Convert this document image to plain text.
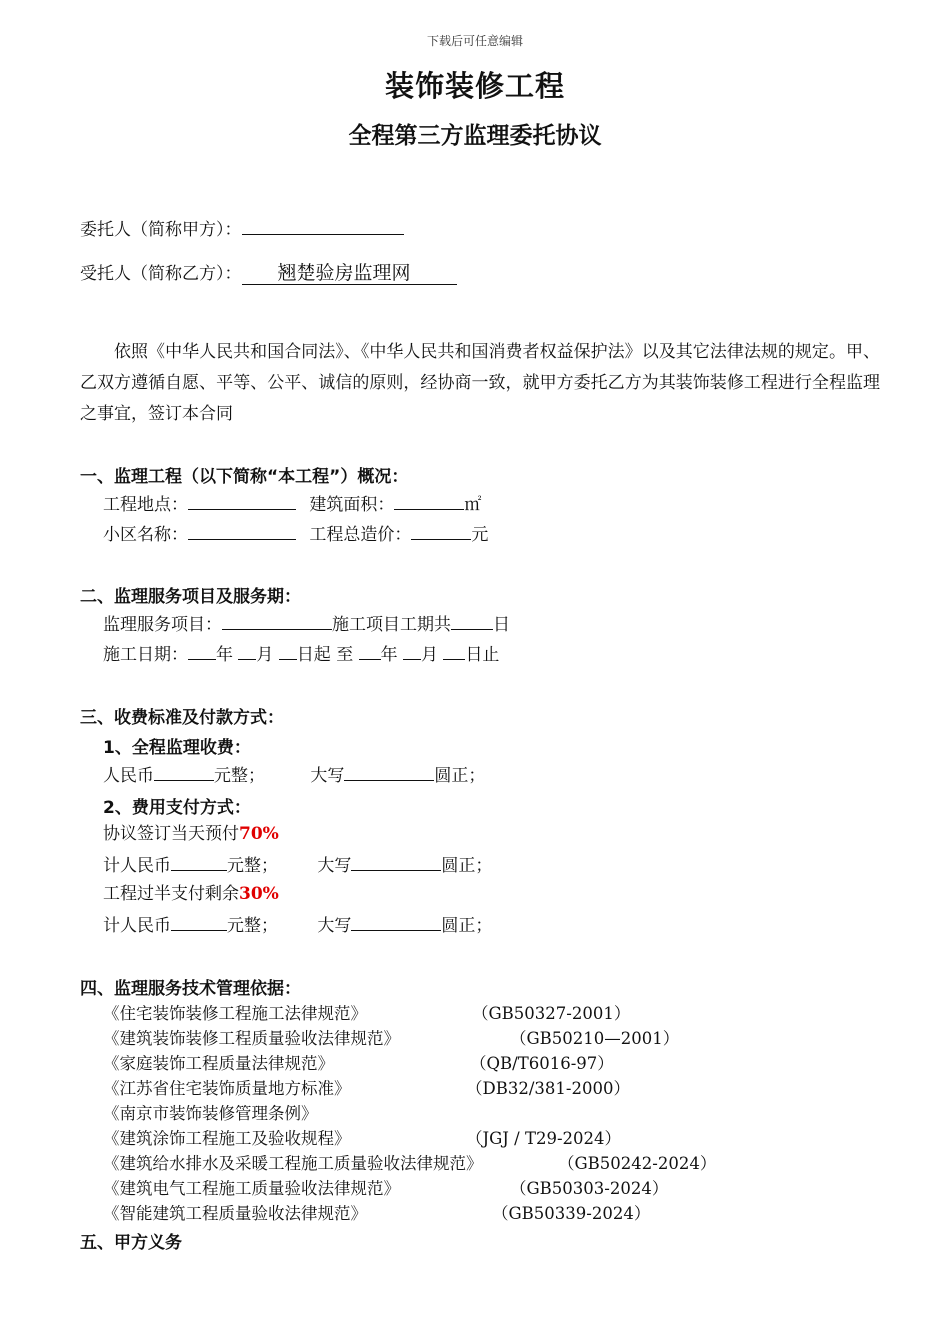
下载后可任意编辑
装饰装修工程
全程第三方监理委托协议
委托人（简称甲方）：
受托人（简称乙方）： 翘楚验房监理网
依照《中华人民共和国合同法》、《中华人民共和国消费者权益保护法》以及其它法律法规的规定。甲、乙双方遵循自愿、平等、公平、诚信的原则，经协商一致，就甲方委托乙方为其装饰装修工程进行全程监理之事宜，签订本合同
一、监理工程（以下简称“本工程”）概况：
工程地点：	建筑面积：	㎡
小区名称：	工程总造价：	元
二、监理服务项目及服务期：
监理服务项目：	施工项目工期共 日
施工日期： 年 月 日起 至 年 月 日止
三、收费标准及付款方式：
1、全程监理收费：
人民币	元整；	大写	圆正；
2、费用支付方式：
协议签订当天预付70%
计人民币	元整； 大写	圆正；
工程过半支付剩余30%
计人民币	元整； 大写	圆正；
四、监理服务技术管理依据：
《住宅装饰装修工程施工法律规范》	（GB50327-2001）
《建筑装饰装修工程质量验收法律规范》	（GB50210—2001）
《家庭装饰工程质量法律规范》	（QB/T6016-97）
《江苏省住宅装饰质量地方标准》	（DB32/381-2000）
《南京市装饰装修管理条例》
《建筑涂饰工程施工及验收规程》	（JGJ / T29-2024）
《建筑给水排水及采暖工程施工质量验收法律规范》	（GB50242-2024）
《建筑电气工程施工质量验收法律规范》	（GB50303-2024）
《智能建筑工程质量验收法律规范》	（GB50339-2024）
五、甲方义务
